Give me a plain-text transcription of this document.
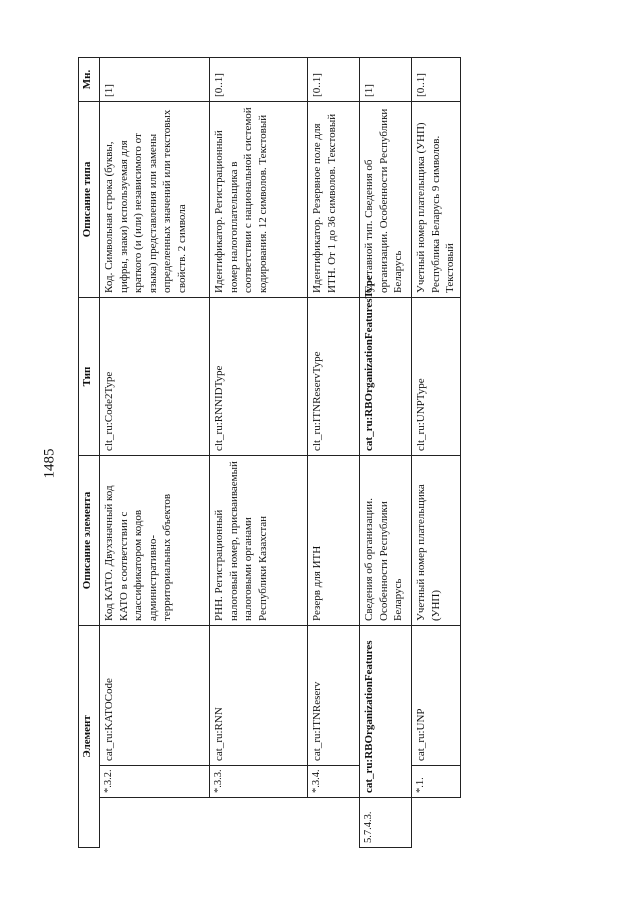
1485
Элемент			Описание элемента	Тип	Описание типа	Мн.
	*.3.2.	cat_ru:KATOCode	Код КАТО. Двухзначный код КАТО в соответствии с классификатором кодов административно-территориальных объектов	clt_ru:Code2Type	Код. Символьная строка (буквы, цифры, знаки) используемая для краткого (и (или) независимого от языка) представления или замены определенных значений или текстовых свойств. 2 символа	[1]
	*.3.3.	cat_ru:RNN	РНН. Регистрационный налоговый номер, присваиваемый налоговыми органами Республики Казахстан	clt_ru:RNNIDType	Идентификатор. Регистрационный номер налогоплательщика в соответствии с национальной системой кодирования. 12 символов. Текстовый	[0..1]
	*.3.4.	cat_ru:ITNReserv	Резерв для ИТН	clt_ru:ITNReservType	Идентификатор. Резервное поле для ИТН. От 1 до 36 символов. Текстовый	[0..1]
5.7.4.3.	cat_ru:RBOrganizationFeatures		Сведения об организации. Особенности Республики Беларусь	cat_ru:RBOrganizationFeaturesType	Составной тип. Сведения об организации. Особенности Республики Беларусь	[1]
	*.1.	cat_ru:UNP	Учетный номер плательщика (УНП)	clt_ru:UNPType	Учетный номер плательщика (УНП) Республика Беларусь 9 символов. Текстовый	[0..1]
